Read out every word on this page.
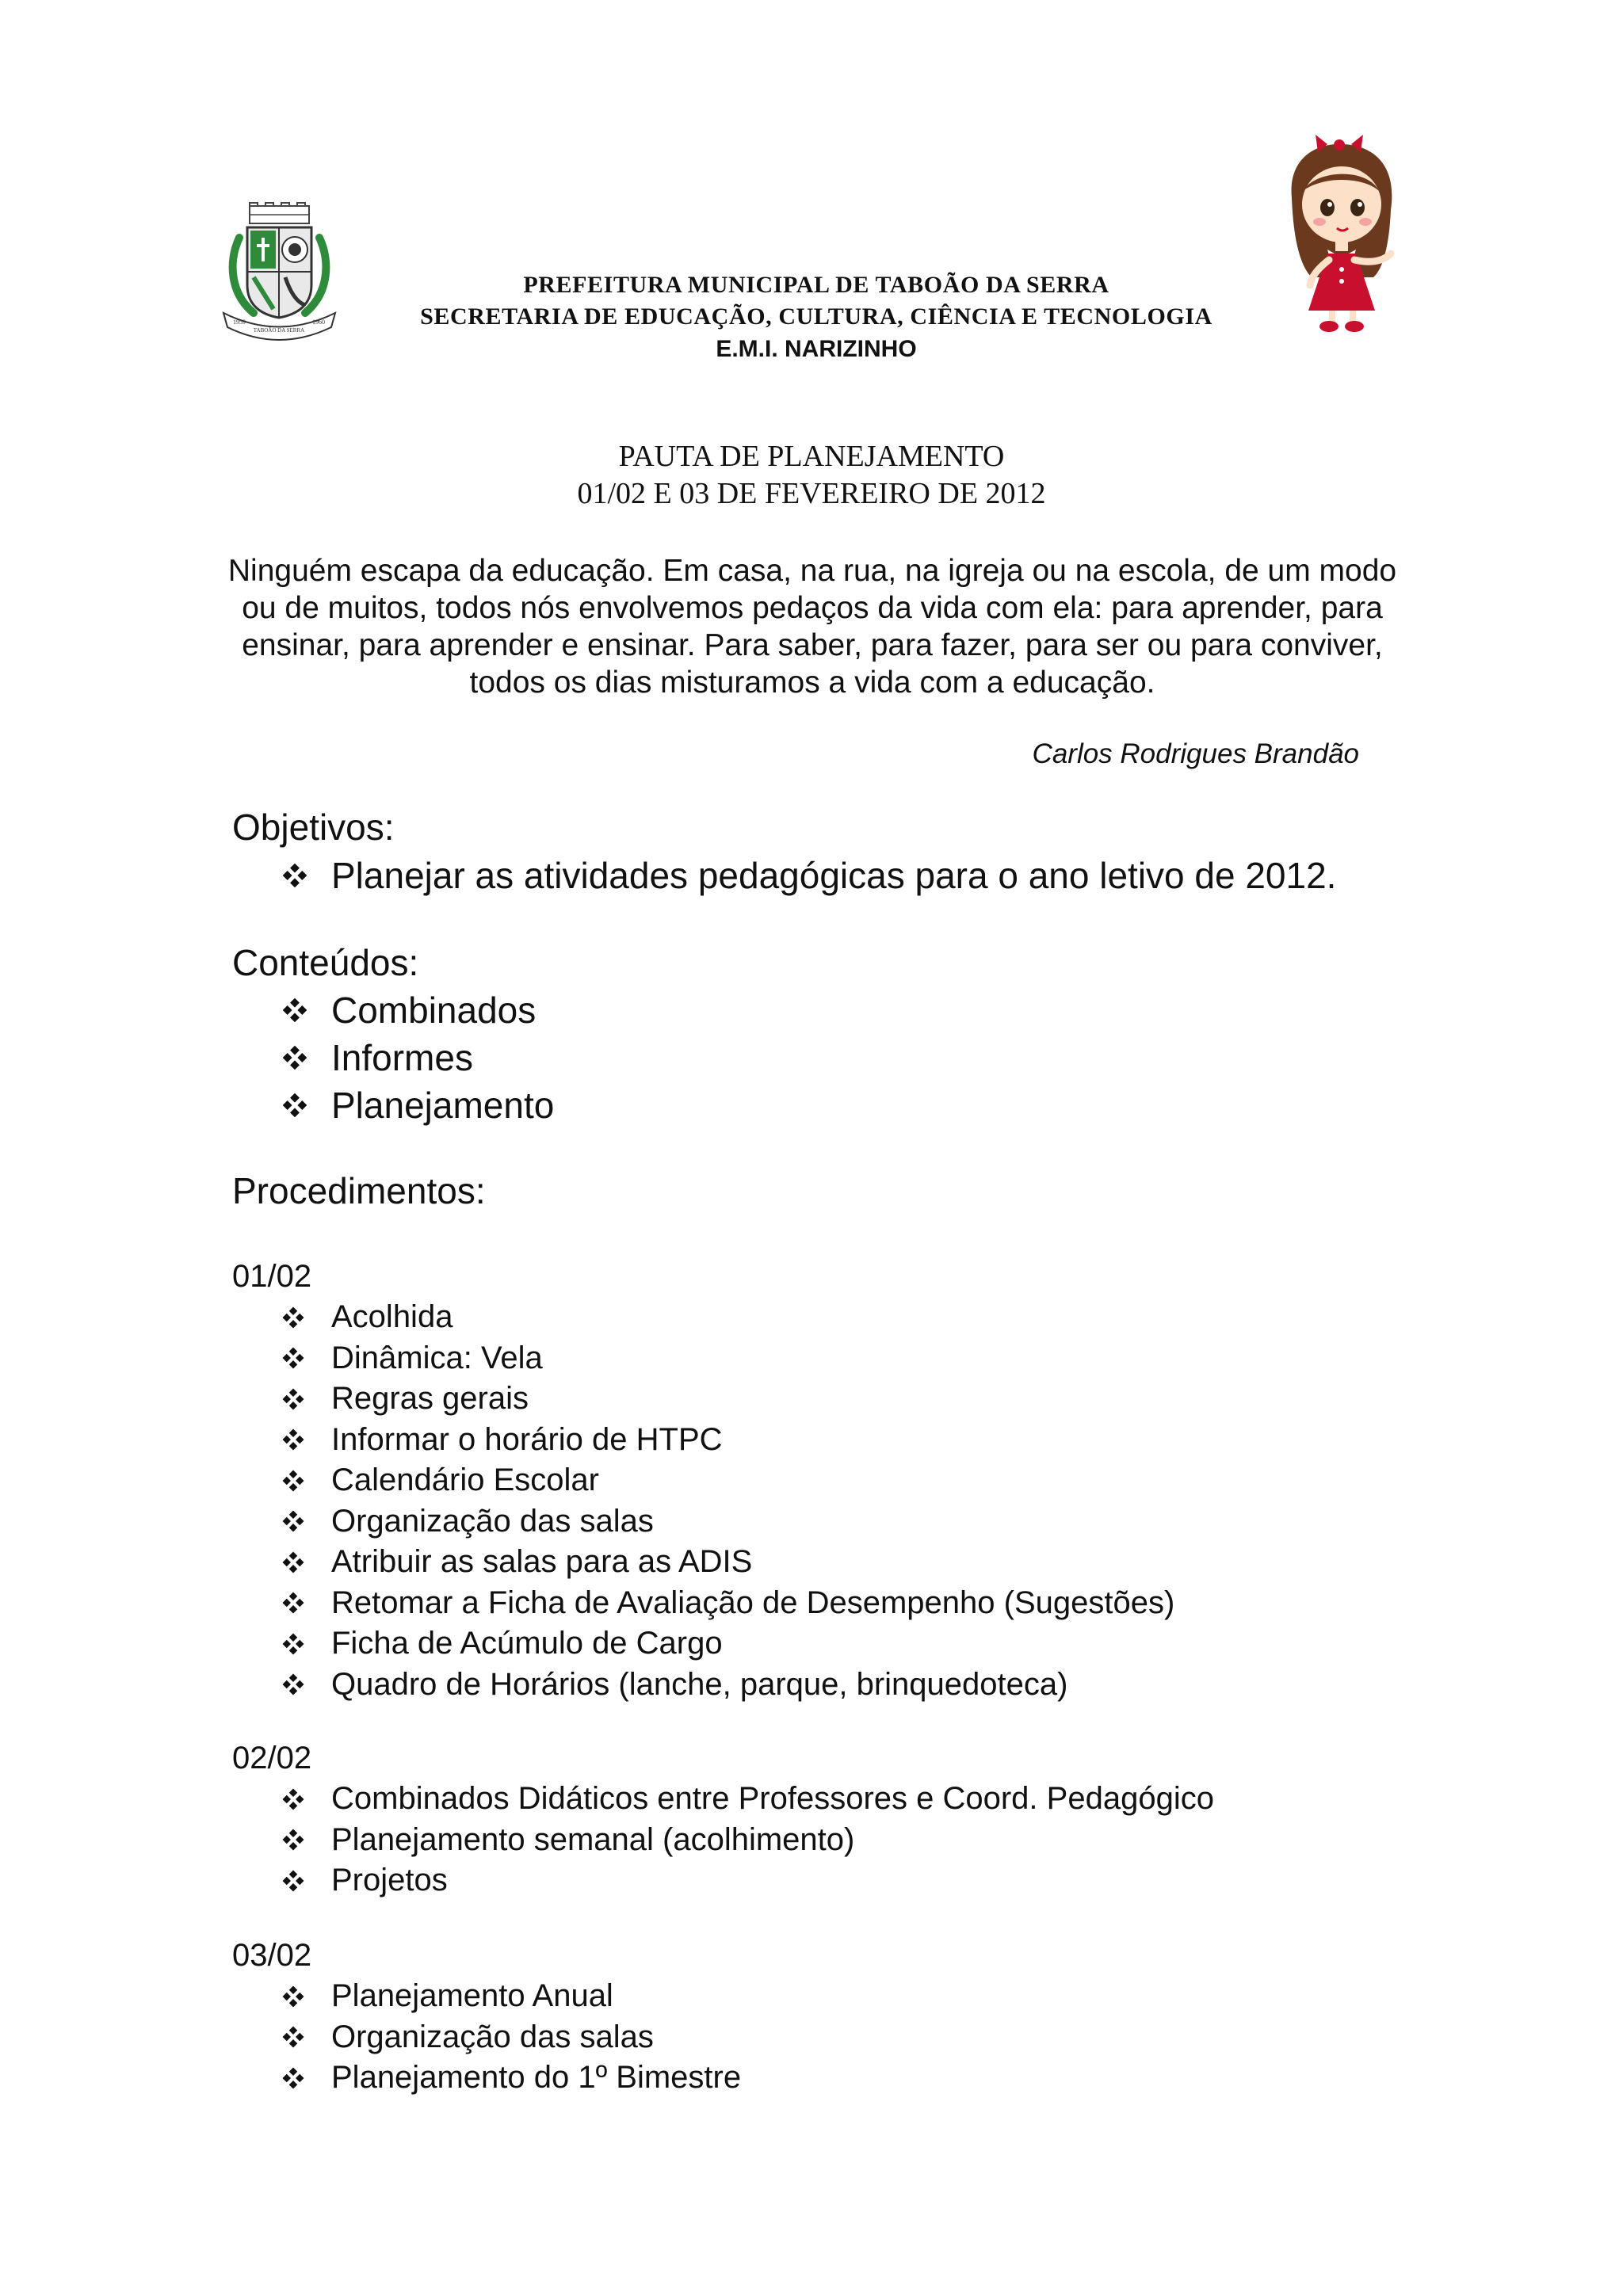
1959	1960
TABOÃO DA SERRA
PREFEITURA MUNICIPAL DE TABOÃO DA SERRA
SECRETARIA DE EDUCAÇÃO, CULTURA, CIÊNCIA E TECNOLOGIA
E.M.I. NARIZINHO
PAUTA DE PLANEJAMENTO
01/02 E 03 DE FEVEREIRO DE 2012
Ninguém escapa da educação. Em casa, na rua, na igreja ou na escola, de um modo ou de muitos, todos nós envolvemos pedaços da vida com ela: para aprender, para ensinar, para aprender e ensinar. Para saber, para fazer, para ser ou para conviver, todos os dias misturamos a vida com a educação.
Carlos Rodrigues Brandão
Objetivos:
Planejar as atividades pedagógicas para o ano letivo de 2012.
Conteúdos:
Combinados
Informes
Planejamento
Procedimentos:
01/02
Acolhida
Dinâmica: Vela
Regras gerais
Informar o horário de HTPC
Calendário Escolar
Organização das salas
Atribuir as salas para as ADIS
Retomar a Ficha de Avaliação de Desempenho (Sugestões)
Ficha de Acúmulo de Cargo
Quadro de Horários (lanche, parque, brinquedoteca)
02/02
Combinados Didáticos entre Professores e Coord. Pedagógico
Planejamento semanal (acolhimento)
Projetos
03/02
Planejamento Anual
Organização das salas
Planejamento do 1º Bimestre
